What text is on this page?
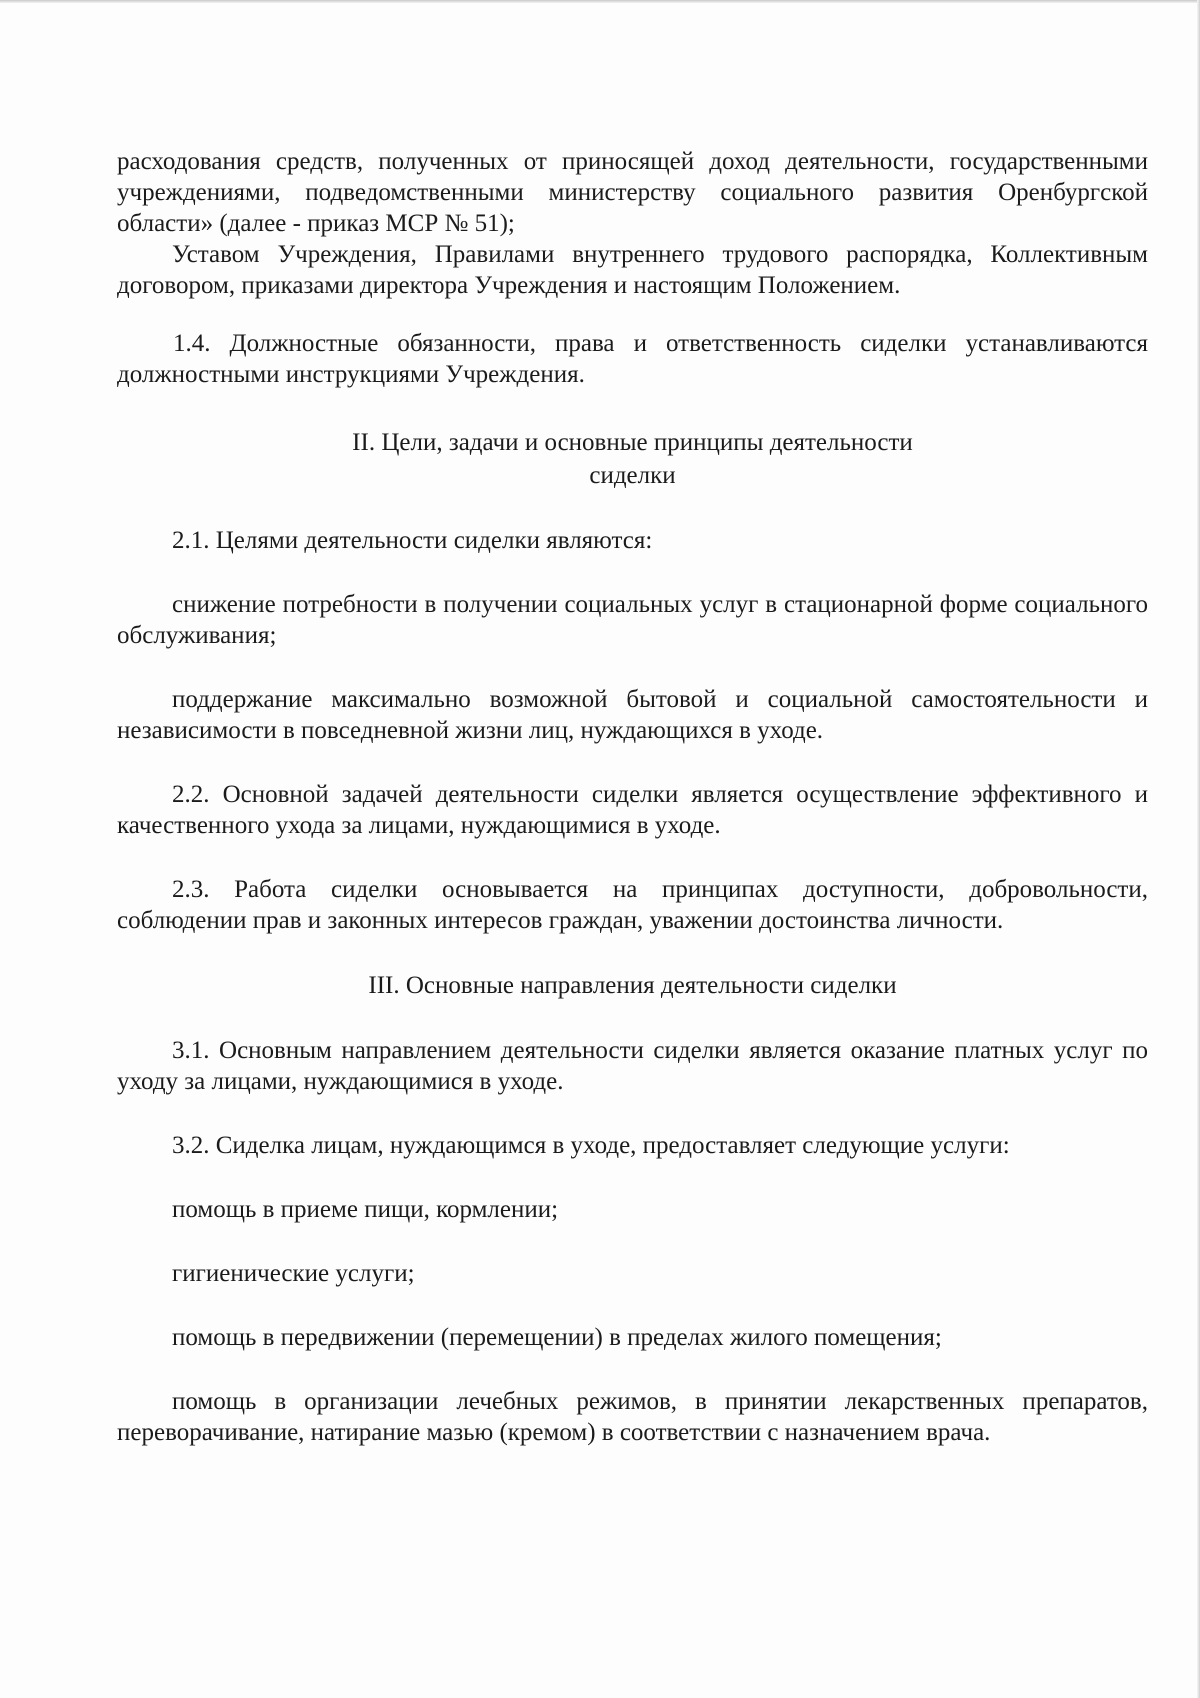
расходования средств, полученных от приносящей доход деятельности, государственными учреждениями, подведомственными министерству социального развития Оренбургской области» (далее - приказ МСР № 51);

Уставом Учреждения, Правилами внутреннего трудового распорядка, Коллективным договором, приказами директора Учреждения и настоящим Положением.

1.4. Должностные обязанности, права и ответственность сиделки устанавливаются должностными инструкциями Учреждения.

II. Цели, задачи и основные принципы деятельности
сиделки

2.1. Целями деятельности сиделки являются:

снижение потребности в получении социальных услуг в стационарной форме социального обслуживания;

поддержание максимально возможной бытовой и социальной самостоятельности и независимости в повседневной жизни лиц, нуждающихся в уходе.

2.2. Основной задачей деятельности сиделки является осуществление эффективного и качественного ухода за лицами, нуждающимися в уходе.

2.3. Работа сиделки основывается на принципах доступности, добровольности, соблюдении прав и законных интересов граждан, уважении достоинства личности.

III. Основные направления деятельности сиделки

3.1. Основным направлением деятельности сиделки является оказание платных услуг по уходу за лицами, нуждающимися в уходе.

3.2. Сиделка лицам, нуждающимся в уходе, предоставляет следующие услуги:

помощь в приеме пищи, кормлении;

гигиенические услуги;

помощь в передвижении (перемещении) в пределах жилого помещения;

помощь в организации лечебных режимов, в принятии лекарственных препаратов, переворачивание, натирание мазью (кремом) в соответствии с назначением врача.
